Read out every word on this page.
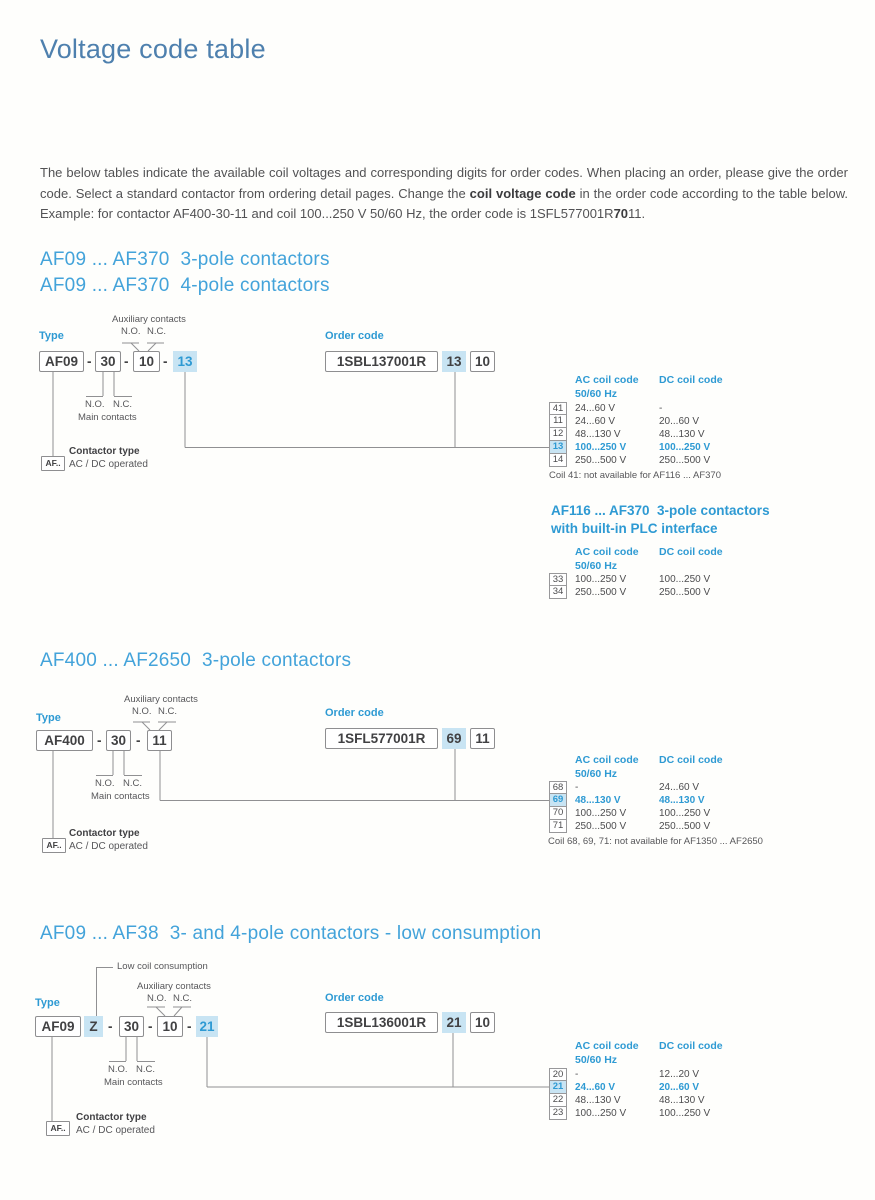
Voltage code table

The below tables indicate the available coil voltages and corresponding digits for order codes. When placing an order, please give the order code. Select a standard contactor from ordering detail pages. Change the coil voltage code in the order code according to the table below. Example: for contactor AF400-30-11 and coil 100...250 V 50/60 Hz, the order code is 1SFL577001R7011.

AF09 ... AF370  3-pole contactors
AF09 ... AF370  4-pole contactors
Auxiliary contacts
N.O. N.C.
Type
AF09 - 30 - 10 - 13
N.O. N.C.
Main contacts
Contactor type
AC / DC operated
AF..
Order code
1SBL137001R	13 10
AC coil code DC coil code
50/60 Hz
41	24...60 V	-
11	24...60 V	20...60 V
12	48...130 V	48...130 V
13	100...250 V	100...250 V
14	250...500 V	250...500 V
Coil 41: not available for AF116 ... AF370
AF116 ... AF370  3-pole contactors
with built-in PLC interface
AC coil code DC coil code
50/60 Hz
33	100...250 V	100...250 V
34	250...500 V	250...500 V
AF400 ... AF2650  3-pole contactors
Auxiliary contacts
N.O. N.C.
Type
AF400 - 30 - 11
N.O. N.C.
Main contacts
Contactor type
AC / DC operated
AF..
Order code
1SFL577001R	69	11
AC coil code DC coil code
50/60 Hz
68	-	24...60 V
69	48...130 V	48...130 V
70	100...250 V	100...250 V
71	250...500 V	250...500 V
Coil 68, 69, 71: not available for AF1350 ... AF2650
AF09 ... AF38  3- and 4-pole contactors - low consumption
Low coil consumption
Auxiliary contacts
N.O. N.C.
Type
AF09	Z - 30 - 10 - 21
N.O. N.C.
Main contacts
Contactor type
AC / DC operated
AF..
Order code
1SBL136001R	21 10
AC coil code DC coil code
50/60 Hz
20	-	12...20 V
21	24...60 V	20...60 V
22	48...130 V	48...130 V
23	100...250 V	100...250 V
